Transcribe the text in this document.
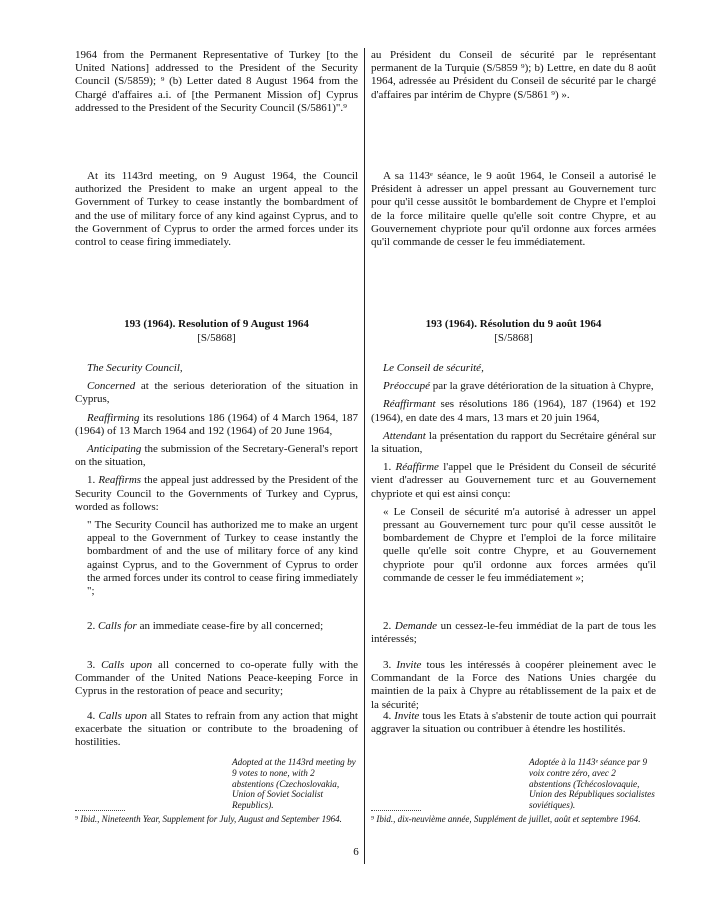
1964 from the Permanent Representative of Turkey [to the United Nations] addressed to the President of the Security Council (S/5859); ⁹ (b) Letter dated 8 August 1964 from the Chargé d'affaires a.i. of [the Permanent Mission of] Cyprus addressed to the President of the Security Council (S/5861)".⁹

At its 1143rd meeting, on 9 August 1964, the Council authorized the President to make an urgent appeal to the Government of Turkey to cease instantly the bombardment of and the use of military force of any kind against Cyprus, and to the Government of Cyprus to order the armed forces under its control to cease firing immediately.

193 (1964). Resolution of 9 August 1964
[S/5868]

The Security Council,

Concerned at the serious deterioration of the situation in Cyprus,

Reaffirming its resolutions 186 (1964) of 4 March 1964, 187 (1964) of 13 March 1964 and 192 (1964) of 20 June 1964,

Anticipating the submission of the Secretary-General's report on the situation,

1. Reaffirms the appeal just addressed by the President of the Security Council to the Governments of Turkey and Cyprus, worded as follows:

" The Security Council has authorized me to make an urgent appeal to the Government of Turkey to cease instantly the bombardment of and the use of military force of any kind against Cyprus, and to the Government of Cyprus to order the armed forces under its control to cease firing immediately ";

2. Calls for an immediate cease-fire by all concerned;

3. Calls upon all concerned to co-operate fully with the Commander of the United Nations Peace-keeping Force in Cyprus in the restoration of peace and security;

4. Calls upon all States to refrain from any action that might exacerbate the situation or contribute to the broadening of hostilities.

Adopted at the 1143rd meeting by 9 votes to none, with 2 abstentions (Czechoslovakia, Union of Soviet Socialist Republics).

⁹ Ibid., Nineteenth Year, Supplement for July, August and September 1964.

au Président du Conseil de sécurité par le représentant permanent de la Turquie (S/5859 ⁹); b) Lettre, en date du 8 août 1964, adressée au Président du Conseil de sécurité par le chargé d'affaires par intérim de Chypre (S/5861 ⁹) ».

A sa 1143ᵉ séance, le 9 août 1964, le Conseil a autorisé le Président à adresser un appel pressant au Gouvernement turc pour qu'il cesse aussitôt le bombardement de Chypre et l'emploi de la force militaire quelle qu'elle soit contre Chypre, et au Gouvernement chypriote pour qu'il ordonne aux forces armées qu'il commande de cesser le feu immédiatement.

193 (1964). Résolution du 9 août 1964
[S/5868]

Le Conseil de sécurité,

Préoccupé par la grave détérioration de la situation à Chypre,

Réaffirmant ses résolutions 186 (1964), 187 (1964) et 192 (1964), en date des 4 mars, 13 mars et 20 juin 1964,

Attendant la présentation du rapport du Secrétaire général sur la situation,

1. Réaffirme l'appel que le Président du Conseil de sécurité vient d'adresser au Gouvernement turc et au Gouvernement chypriote et qui est ainsi conçu:

« Le Conseil de sécurité m'a autorisé à adresser un appel pressant au Gouvernement turc pour qu'il cesse aussitôt le bombardement de Chypre et l'emploi de la force militaire quelle qu'elle soit contre Chypre, et au Gouvernement chypriote pour qu'il ordonne aux forces armées qu'il commande de cesser le feu immédiatement »;

2. Demande un cessez-le-feu immédiat de la part de tous les intéressés;

3. Invite tous les intéressés à coopérer pleinement avec le Commandant de la Force des Nations Unies chargée du maintien de la paix à Chypre au rétablissement de la paix et de la sécurité;

4. Invite tous les Etats à s'abstenir de toute action qui pourrait aggraver la situation ou contribuer à étendre les hostilités.

Adoptée à la 1143ᵉ séance par 9 voix contre zéro, avec 2 abstentions (Tchécoslovaquie, Union des Républiques socialistes soviétiques).

⁹ Ibid., dix-neuvième année, Supplément de juillet, août et septembre 1964.

6
